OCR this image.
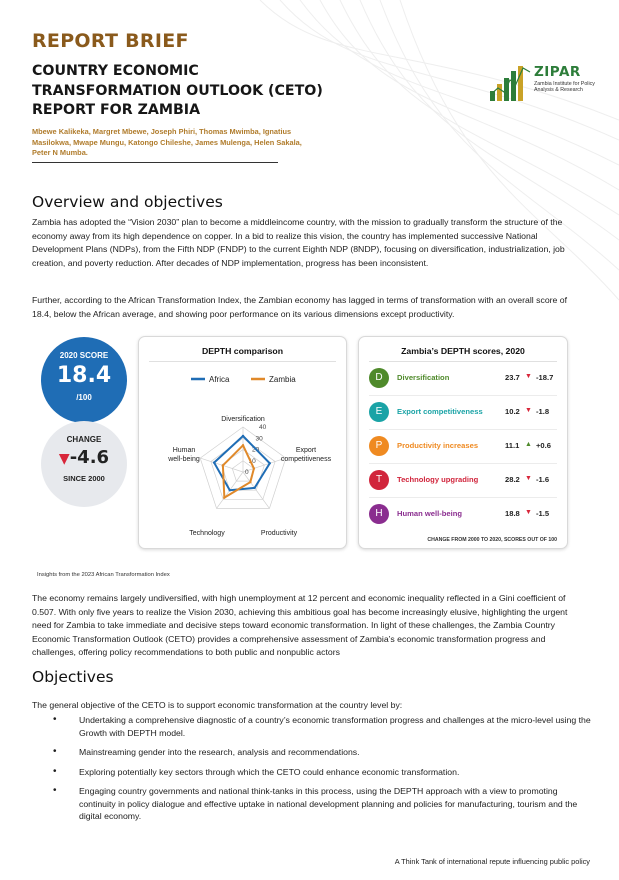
REPORT BRIEF
COUNTRY ECONOMIC TRANSFORMATION OUTLOOK (CETO) REPORT FOR ZAMBIA
Mbewe Kalikeka, Margret Mbewe, Joseph Phiri, Thomas Mwimba, Ignatius Masilokwa, Mwape Mungu, Katongo Chileshe, James Mulenga, Helen Sakala, Peter N Mumba.
ZIPAR
Zambia Institute for Policy Analysis & Research
Overview and objectives

Zambia has adopted the “Vision 2030” plan to become a middleincome country, with the mission to gradually transform the structure of the economy away from its high dependence on copper. In a bid to realize this vision, the country has implemented successive National Development Plans (NDPs), from the Fifth NDP (FNDP) to the current Eighth NDP (8NDP), focusing on diversification, industrialization, job creation, and poverty reduction. After decades of NDP implementation, progress has been inconsistent.

Further, according to the African Transformation Index, the Zambian economy has lagged in terms of transformation with an overall score of 18.4, below the African average, and showing poor performance on its various dimensions except productivity.

2020 SCORE
18.4
/100
CHANGE
▼-4.6
SINCE 2000
DEPTH comparison
Africa	Zambia
0
10
20
30
40
Diversification
Export competitiveness
Productivity
Technology
Human well-being
Zambia’s DEPTH scores, 2020
D	Diversification	23.7 ▼ -18.7
E	Export competitiveness	10.2 ▼ -1.8
P	Productivity increases	11.1 ▲ +0.6
T	Technology upgrading	28.2 ▼ -1.6
H	Human well-being	18.8 ▼ -1.5
CHANGE FROM 2000 TO 2020, SCORES OUT OF 100
Insights from the 2023 African Transformation Index

The economy remains largely undiversified, with high unemployment at 12 percent and economic inequality reflected in a Gini coefficient of 0.507. With only five years to realize the Vision 2030, achieving this ambitious goal has become increasingly elusive, highlighting the urgent need for Zambia to take immediate and decisive steps toward economic transformation. In light of these challenges, the Zambia Country Economic Transformation Outlook (CETO) provides a comprehensive assessment of Zambia’s economic transformation progress and challenges, offering policy recommendations to both public and nonpublic actors

Objectives

The general objective of the CETO is to support economic transformation at the country level by:

• Undertaking a comprehensive diagnostic of a country’s economic transformation progress and challenges at the micro-level using the Growth with DEPTH model.
• Mainstreaming gender into the research, analysis and recommendations.
• Exploring potentially key sectors through which the CETO could enhance economic transformation.
• Engaging country governments and national think-tanks in this process, using the DEPTH approach with a view to promoting continuity in policy dialogue and effective uptake in national development planning and policies for manufacturing, tourism and the digital economy.
A Think Tank of international repute influencing public policy
